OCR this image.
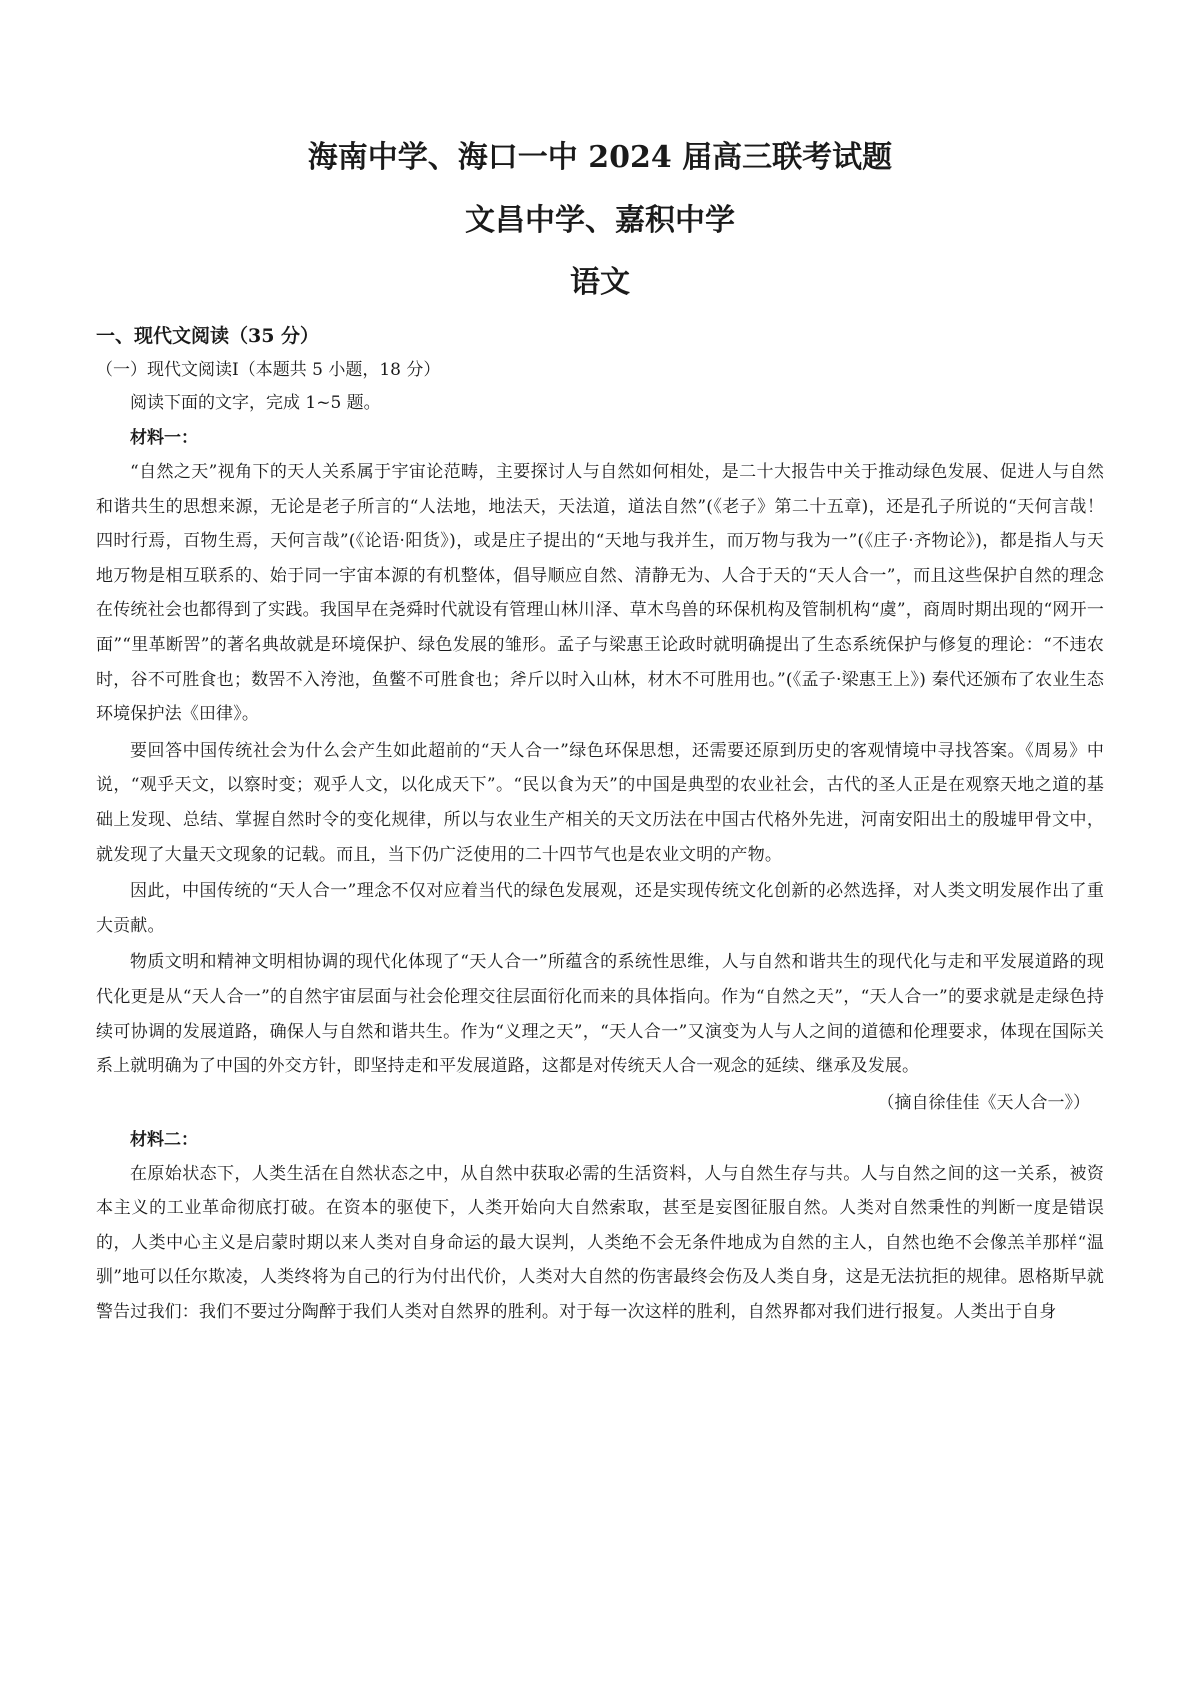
海南中学、海口一中 2024 届高三联考试题
文昌中学、嘉积中学
语文
一、现代文阅读（35 分）
（一）现代文阅读Ⅰ（本题共 5 小题，18 分）
阅读下面的文字，完成 1~5 题。
材料一：

“自然之天”视角下的天人关系属于宇宙论范畴，主要探讨人与自然如何相处，是二十大报告中关于推动绿色发展、促进人与自然和谐共生的思想来源，无论是老子所言的“人法地，地法天，天法道，道法自然”(《老子》第二十五章)，还是孔子所说的“天何言哉！四时行焉，百物生焉，天何言哉”(《论语·阳货》)，或是庄子提出的“天地与我并生，而万物与我为一”(《庄子·齐物论》)，都是指人与天地万物是相互联系的、始于同一宇宙本源的有机整体，倡导顺应自然、清静无为、人合于天的“天人合一”，而且这些保护自然的理念在传统社会也都得到了实践。我国早在尧舜时代就设有管理山林川泽、草木鸟兽的环保机构及管制机构“虞”，商周时期出现的“网开一面”“里革断罟”的著名典故就是环境保护、绿色发展的雏形。孟子与梁惠王论政时就明确提出了生态系统保护与修复的理论：“不违农时，谷不可胜食也；数罟不入洿池，鱼鳖不可胜食也；斧斤以时入山林，材木不可胜用也。”(《孟子·梁惠王上》) 秦代还颁布了农业生态环境保护法《田律》。

要回答中国传统社会为什么会产生如此超前的“天人合一”绿色环保思想，还需要还原到历史的客观情境中寻找答案。《周易》中说，“观乎天文，以察时变；观乎人文，以化成天下”。“民以食为天”的中国是典型的农业社会，古代的圣人正是在观察天地之道的基础上发现、总结、掌握自然时令的变化规律，所以与农业生产相关的天文历法在中国古代格外先进，河南安阳出土的殷墟甲骨文中，就发现了大量天文现象的记载。而且，当下仍广泛使用的二十四节气也是农业文明的产物。

因此，中国传统的“天人合一”理念不仅对应着当代的绿色发展观，还是实现传统文化创新的必然选择，对人类文明发展作出了重大贡献。

物质文明和精神文明相协调的现代化体现了“天人合一”所蕴含的系统性思维，人与自然和谐共生的现代化与走和平发展道路的现代化更是从“天人合一”的自然宇宙层面与社会伦理交往层面衍化而来的具体指向。作为“自然之天”，“天人合一”的要求就是走绿色持续可协调的发展道路，确保人与自然和谐共生。作为“义理之天”，“天人合一”又演变为人与人之间的道德和伦理要求，体现在国际关系上就明确为了中国的外交方针，即坚持走和平发展道路，这都是对传统天人合一观念的延续、继承及发展。

（摘自徐佳佳《天人合一》）
材料二：

在原始状态下，人类生活在自然状态之中，从自然中获取必需的生活资料，人与自然生存与共。人与自然之间的这一关系，被资本主义的工业革命彻底打破。在资本的驱使下，人类开始向大自然索取，甚至是妄图征服自然。人类对自然秉性的判断一度是错误的，人类中心主义是启蒙时期以来人类对自身命运的最大误判，人类绝不会无条件地成为自然的主人，自然也绝不会像羔羊那样“温驯”地可以任尔欺凌，人类终将为自己的行为付出代价，人类对大自然的伤害最终会伤及人类自身，这是无法抗拒的规律。恩格斯早就警告过我们：我们不要过分陶醉于我们人类对自然界的胜利。对于每一次这样的胜利，自然界都对我们进行报复。人类出于自身
